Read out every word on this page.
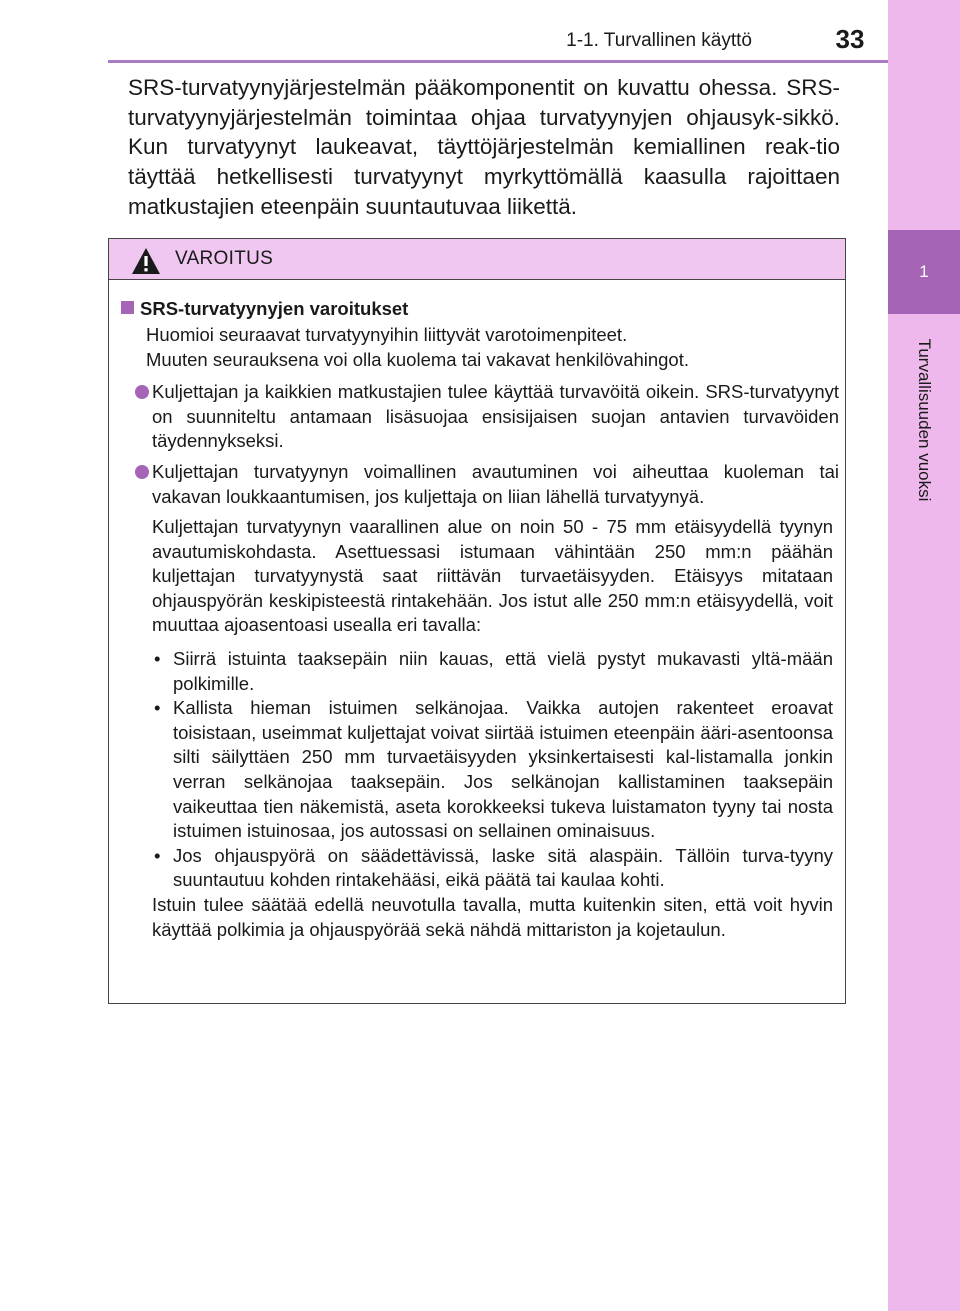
1
Turvallisuuden vuoksi
1-1. Turvallinen käyttö	33
SRS-turvatyynyjärjestelmän pääkomponentit on kuvattu ohessa. SRS-turvatyynyjärjestelmän toimintaa ohjaa turvatyynyjen ohjausyk-sikkö. Kun turvatyynyt laukeavat, täyttöjärjestelmän kemiallinen reak-tio täyttää hetkellisesti turvatyynyt myrkyttömällä kaasulla rajoittaen matkustajien eteenpäin suuntautuvaa liikettä.
VAROITUS
SRS-turvatyynyjen varoitukset
Huomioi seuraavat turvatyynyihin liittyvät varotoimenpiteet.
Muuten seurauksena voi olla kuolema tai vakavat henkilövahingot.
Kuljettajan ja kaikkien matkustajien tulee käyttää turvavöitä oikein. SRS-turvatyynyt on suunniteltu antamaan lisäsuojaa ensisijaisen suojan antavien turvavöiden täydennykseksi.
Kuljettajan turvatyynyn voimallinen avautuminen voi aiheuttaa kuoleman tai vakavan loukkaantumisen, jos kuljettaja on liian lähellä turvatyynyä.
Kuljettajan turvatyynyn vaarallinen alue on noin 50 - 75 mm etäisyydellä tyynyn avautumiskohdasta. Asettuessasi istumaan vähintään 250 mm:n päähän kuljettajan turvatyynystä saat riittävän turvaetäisyyden. Etäisyys mitataan ohjauspyörän keskipisteestä rintakehään. Jos istut alle 250 mm:n etäisyydellä, voit muuttaa ajoasentoasi usealla eri tavalla:
• Siirrä istuinta taaksepäin niin kauas, että vielä pystyt mukavasti yltä-mään polkimille.
• Kallista hieman istuimen selkänojaa. Vaikka autojen rakenteet eroavat toisistaan, useimmat kuljettajat voivat siirtää istuimen eteenpäin ääri-asentoonsa silti säilyttäen 250 mm turvaetäisyyden yksinkertaisesti kal-listamalla jonkin verran selkänojaa taaksepäin. Jos selkänojan kallistaminen taaksepäin vaikeuttaa tien näkemistä, aseta korokkeeksi tukeva luistamaton tyyny tai nosta istuimen istuinosaa, jos autossasi on sellainen ominaisuus.
• Jos ohjauspyörä on säädettävissä, laske sitä alaspäin. Tällöin turva-tyyny suuntautuu kohden rintakehääsi, eikä päätä tai kaulaa kohti.
Istuin tulee säätää edellä neuvotulla tavalla, mutta kuitenkin siten, että voit hyvin käyttää polkimia ja ohjauspyörää sekä nähdä mittariston ja kojetaulun.
